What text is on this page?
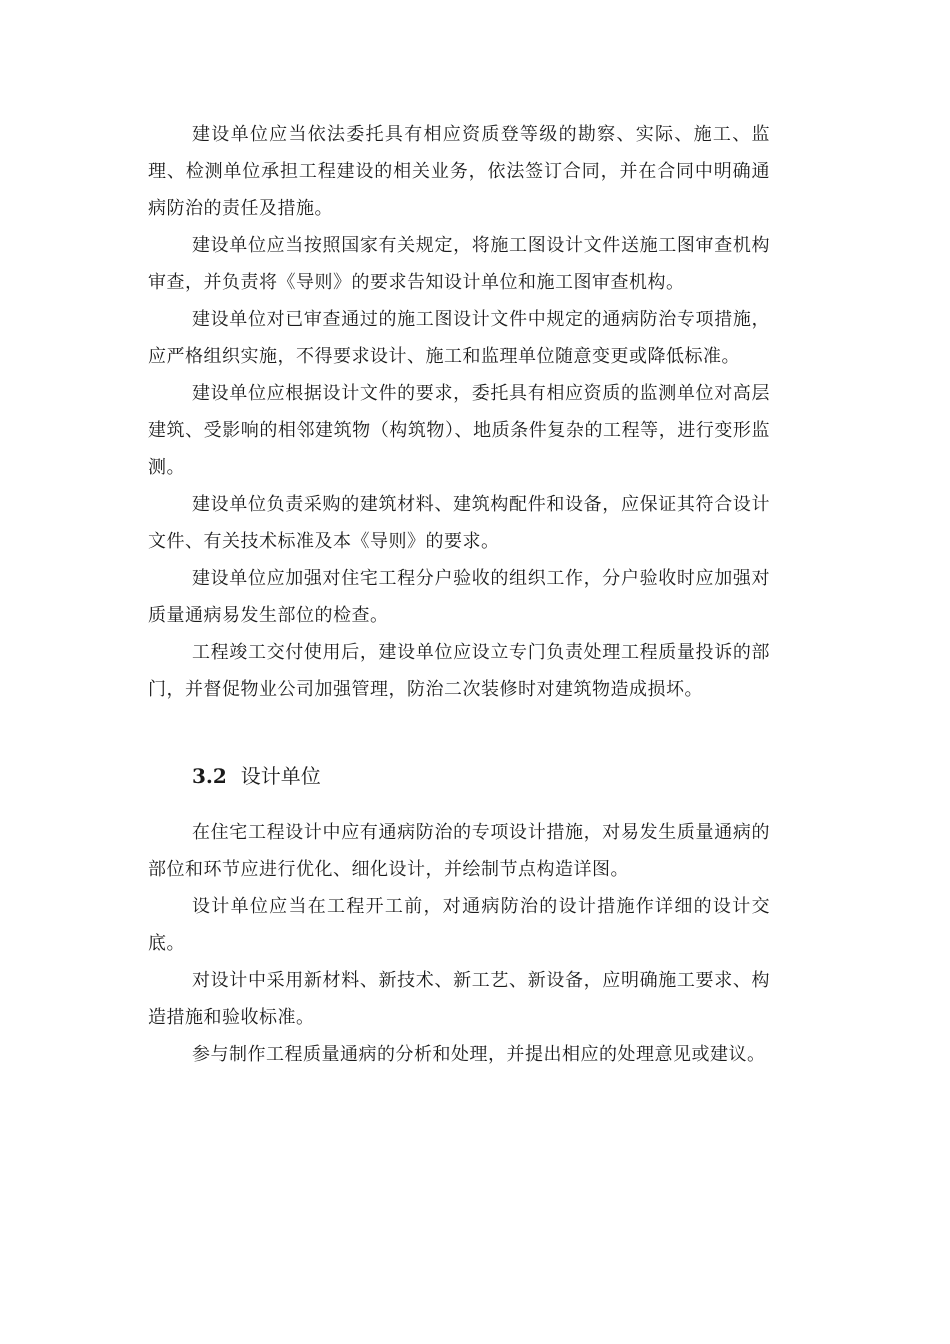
建设单位应当依法委托具有相应资质登等级的勘察、实际、施工、监理、检测单位承担工程建设的相关业务，依法签订合同，并在合同中明确通病防治的责任及措施。

建设单位应当按照国家有关规定，将施工图设计文件送施工图审查机构审查，并负责将《导则》的要求告知设计单位和施工图审查机构。

建设单位对已审查通过的施工图设计文件中规定的通病防治专项措施，应严格组织实施，不得要求设计、施工和监理单位随意变更或降低标准。

建设单位应根据设计文件的要求，委托具有相应资质的监测单位对高层建筑、受影响的相邻建筑物（构筑物）、地质条件复杂的工程等，进行变形监测。

建设单位负责采购的建筑材料、建筑构配件和设备，应保证其符合设计文件、有关技术标准及本《导则》的要求。

建设单位应加强对住宅工程分户验收的组织工作，分户验收时应加强对质量通病易发生部位的检查。

工程竣工交付使用后，建设单位应设立专门负责处理工程质量投诉的部门，并督促物业公司加强管理，防治二次装修时对建筑物造成损坏。

3.2 设计单位

在住宅工程设计中应有通病防治的专项设计措施，对易发生质量通病的部位和环节应进行优化、细化设计，并绘制节点构造详图。

设计单位应当在工程开工前，对通病防治的设计措施作详细的设计交底。

对设计中采用新材料、新技术、新工艺、新设备，应明确施工要求、构造措施和验收标准。

参与制作工程质量通病的分析和处理，并提出相应的处理意见或建议。
